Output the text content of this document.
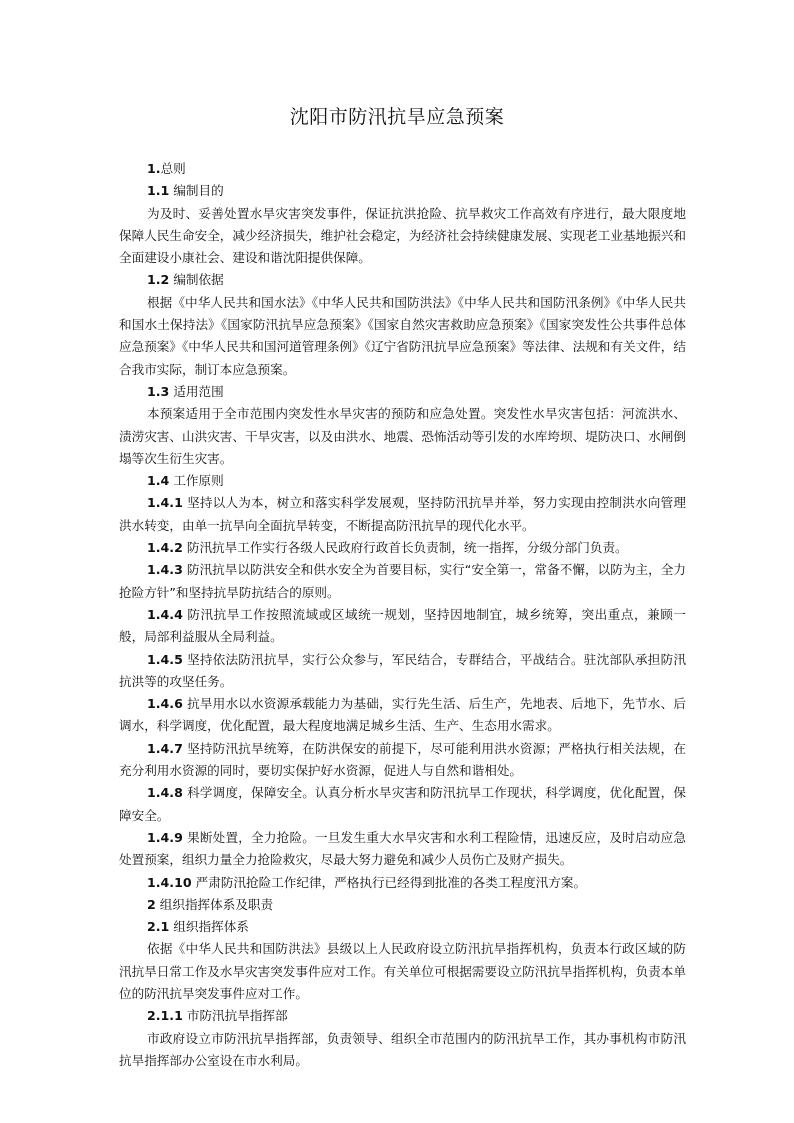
沈阳市防汛抗旱应急预案

1.总则

1.1 编制目的

为及时、妥善处置水旱灾害突发事件，保证抗洪抢险、抗旱救灾工作高效有序进行，最大限度地保障人民生命安全，减少经济损失，维护社会稳定，为经济社会持续健康发展、实现老工业基地振兴和全面建设小康社会、建设和谐沈阳提供保障。

1.2 编制依据

根据《中华人民共和国水法》《中华人民共和国防洪法》《中华人民共和国防汛条例》《中华人民共和国水土保持法》《国家防汛抗旱应急预案》《国家自然灾害救助应急预案》《国家突发性公共事件总体应急预案》《中华人民共和国河道管理条例》《辽宁省防汛抗旱应急预案》等法律、法规和有关文件，结合我市实际，制订本应急预案。

1.3 适用范围

本预案适用于全市范围内突发性水旱灾害的预防和应急处置。突发性水旱灾害包括：河流洪水、渍涝灾害、山洪灾害、干旱灾害，以及由洪水、地震、恐怖活动等引发的水库垮坝、堤防决口、水闸倒塌等次生衍生灾害。

1.4 工作原则

1.4.1 坚持以人为本，树立和落实科学发展观，坚持防汛抗旱并举，努力实现由控制洪水向管理洪水转变，由单一抗旱向全面抗旱转变，不断提高防汛抗旱的现代化水平。

1.4.2 防汛抗旱工作实行各级人民政府行政首长负责制，统一指挥，分级分部门负责。

1.4.3 防汛抗旱以防洪安全和供水安全为首要目标，实行“安全第一，常备不懈，以防为主，全力抢险方针”和坚持抗旱防抗结合的原则。

1.4.4 防汛抗旱工作按照流域或区域统一规划，坚持因地制宜，城乡统筹，突出重点，兼顾一般，局部利益服从全局利益。

1.4.5 坚持依法防汛抗旱，实行公众参与，军民结合，专群结合，平战结合。驻沈部队承担防汛抗洪等的攻坚任务。

1.4.6 抗旱用水以水资源承载能力为基础，实行先生活、后生产，先地表、后地下，先节水、后调水，科学调度，优化配置，最大程度地满足城乡生活、生产、生态用水需求。

1.4.7 坚持防汛抗旱统筹，在防洪保安的前提下，尽可能利用洪水资源；严格执行相关法规，在充分利用水资源的同时，要切实保护好水资源，促进人与自然和谐相处。

1.4.8 科学调度，保障安全。认真分析水旱灾害和防汛抗旱工作现状，科学调度，优化配置，保障安全。

1.4.9 果断处置，全力抢险。一旦发生重大水旱灾害和水利工程险情，迅速反应，及时启动应急处置预案，组织力量全力抢险救灾，尽最大努力避免和减少人员伤亡及财产损失。

1.4.10 严肃防汛抢险工作纪律，严格执行已经得到批准的各类工程度汛方案。

2 组织指挥体系及职责

2.1 组织指挥体系

依据《中华人民共和国防洪法》县级以上人民政府设立防汛抗旱指挥机构，负责本行政区域的防汛抗旱日常工作及水旱灾害突发事件应对工作。有关单位可根据需要设立防汛抗旱指挥机构，负责本单位的防汛抗旱突发事件应对工作。

2.1.1 市防汛抗旱指挥部

市政府设立市防汛抗旱指挥部，负责领导、组织全市范围内的防汛抗旱工作，其办事机构市防汛抗旱指挥部办公室设在市水利局。
